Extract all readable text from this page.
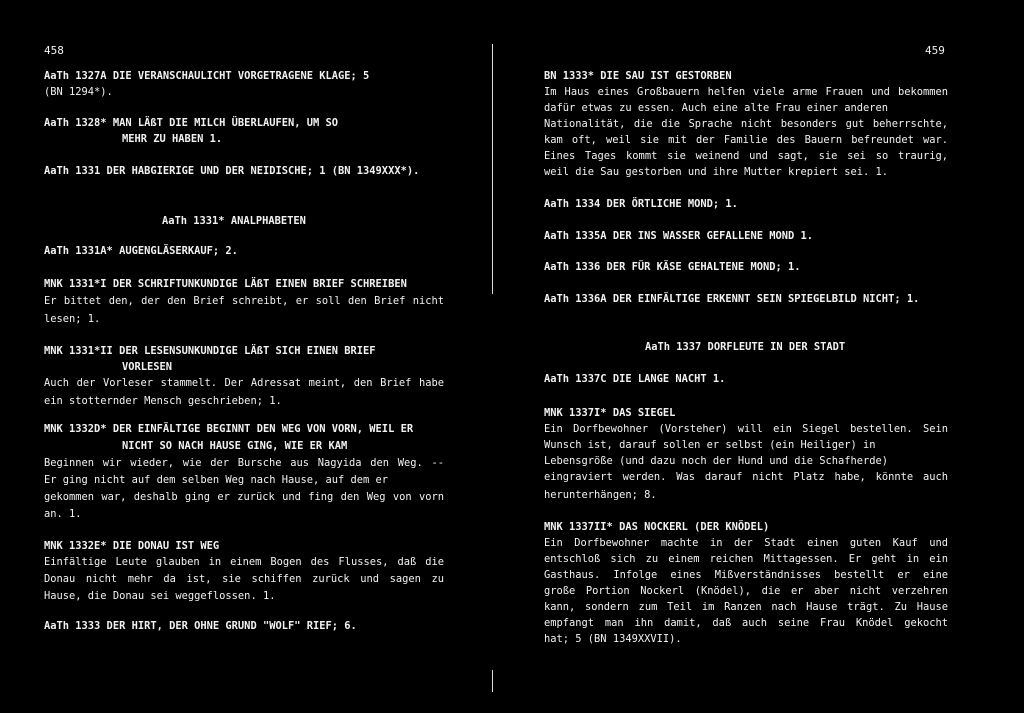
458	459
AaTh 1327A DIE VERANSCHAULICHT VORGETRAGENE KLAGE; 5
(BN 1294*).
AaTh 1328* MAN LÄßT DIE MILCH ÜBERLAUFEN, UM SO
MEHR ZU HABEN 1.
AaTh 1331 DER HABGIERIGE UND DER NEIDISCHE; 1 (BN 1349XXX*).
AaTh 1331* ANALPHABETEN
AaTh 1331A* AUGENGLÄSERKAUF; 2.
MNK 1331*I DER SCHRIFTUNKUNDIGE LÄßT EINEN BRIEF SCHREIBEN
Er bittet den, der den Brief schreibt, er soll den Brief nicht
lesen; 1.
MNK 1331*II DER LESENSUNKUNDIGE LÄßT SICH EINEN BRIEF
VORLESEN
Auch der Vorleser stammelt. Der Adressat meint, den Brief habe
ein stotternder Mensch geschrieben; 1.
MNK 1332D* DER EINFÄLTIGE BEGINNT DEN WEG VON VORN, WEIL ER
NICHT SO NACH HAUSE GING, WIE ER KAM
Beginnen wir wieder, wie der Bursche aus Nagyida den Weg. --
Er ging nicht auf dem selben Weg nach Hause, auf dem er
gekommen war, deshalb ging er zurück und fing den Weg von vorn
an. 1.
MNK 1332E* DIE DONAU IST WEG
Einfältige Leute glauben in einem Bogen des Flusses, daß die
Donau nicht mehr da ist, sie schiffen zurück und sagen zu
Hause, die Donau sei weggeflossen. 1.
AaTh 1333 DER HIRT, DER OHNE GRUND "WOLF" RIEF; 6.
BN 1333* DIE SAU IST GESTORBEN
Im Haus eines Großbauern helfen viele arme Frauen und bekommen
dafür etwas zu essen. Auch eine alte Frau einer anderen
Nationalität, die die Sprache nicht besonders gut beherrschte,
kam oft, weil sie mit der Familie des Bauern befreundet war.
Eines Tages kommt sie weinend und sagt, sie sei so traurig,
weil die Sau gestorben und ihre Mutter krepiert sei. 1.
AaTh 1334 DER ÖRTLICHE MOND; 1.
AaTh 1335A DER INS WASSER GEFALLENE MOND 1.
AaTh 1336 DER FÜR KÄSE GEHALTENE MOND; 1.
AaTh 1336A DER EINFÄLTIGE ERKENNT SEIN SPIEGELBILD NICHT; 1.
AaTh 1337 DORFLEUTE IN DER STADT
AaTh 1337C DIE LANGE NACHT 1.
MNK 1337I* DAS SIEGEL
Ein Dorfbewohner (Vorsteher) will ein Siegel bestellen. Sein
Wunsch ist, darauf sollen er selbst (ein Heiliger) in
Lebensgröße (und dazu noch der Hund und die Schafherde)
eingraviert werden. Was darauf nicht Platz habe, könnte auch
herunterhängen; 8.
MNK 1337II* DAS NOCKERL (DER KNÖDEL)
Ein Dorfbewohner machte in der Stadt einen guten Kauf und
entschloß sich zu einem reichen Mittagessen. Er geht in ein
Gasthaus. Infolge eines Mißverständnisses bestellt er eine
große Portion Nockerl (Knödel), die er aber nicht verzehren
kann, sondern zum Teil im Ranzen nach Hause trägt. Zu Hause
empfangt man ihn damit, daß auch seine Frau Knödel gekocht
hat; 5 (BN 1349XXVII).
